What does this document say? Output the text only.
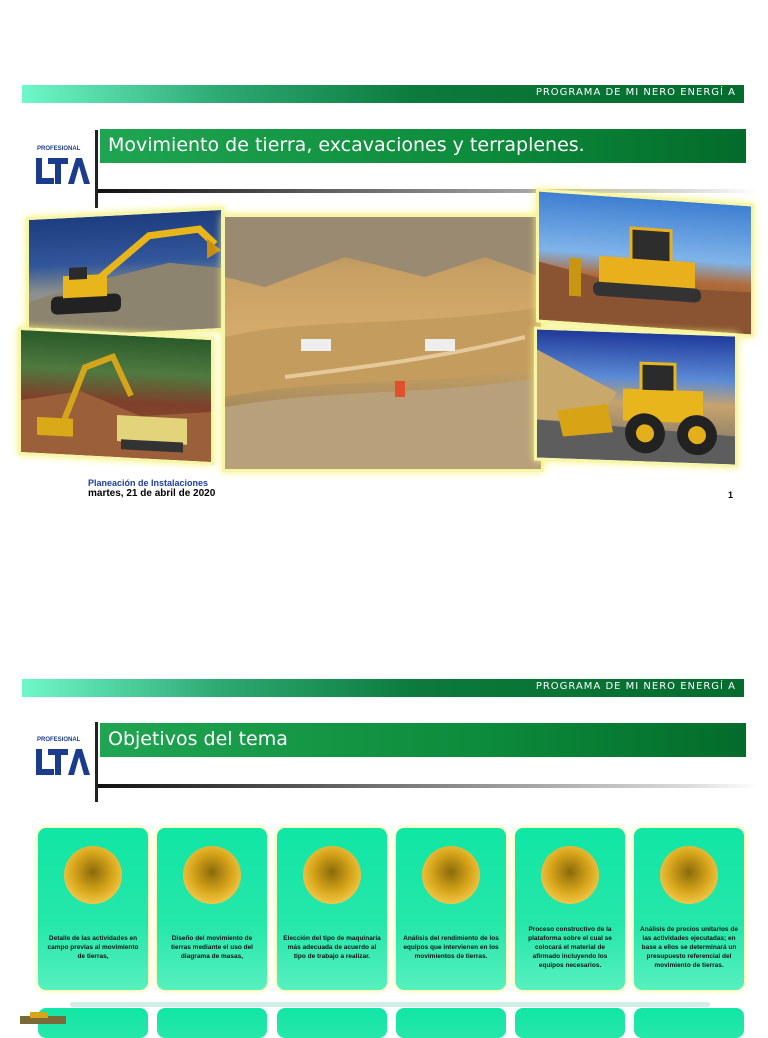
PROGRAMA DE MI NERO ENERGÍ A
PROFESIONAL Movimiento de tierra, excavaciones y terraplenes.
Planeación de Instalaciones
martes, 21 de abril de 2020	1
PROGRAMA DE MI NERO ENERGÍ A
PROFESIONAL Objetivos del tema
Detalle de las actividades en campo previas al movimiento de tierras,
Diseño del movimiento de tierras mediante el uso del diagrama de masas,
Elección del tipo de maquinaria más adecuada de acuerdo al tipo de trabajo a realizar.
Análisis del rendimiento de los equipos que intervienen en los movimientos de tierras.
Proceso constructivo de la plataforma sobre el cual se colocará el material de afirmado incluyendo los equipos necesarios.
Análisis de precios unitarios de las actividades ejecutadas; en base a ellos se determinará un presupuesto referencial del movimiento de tierras.
